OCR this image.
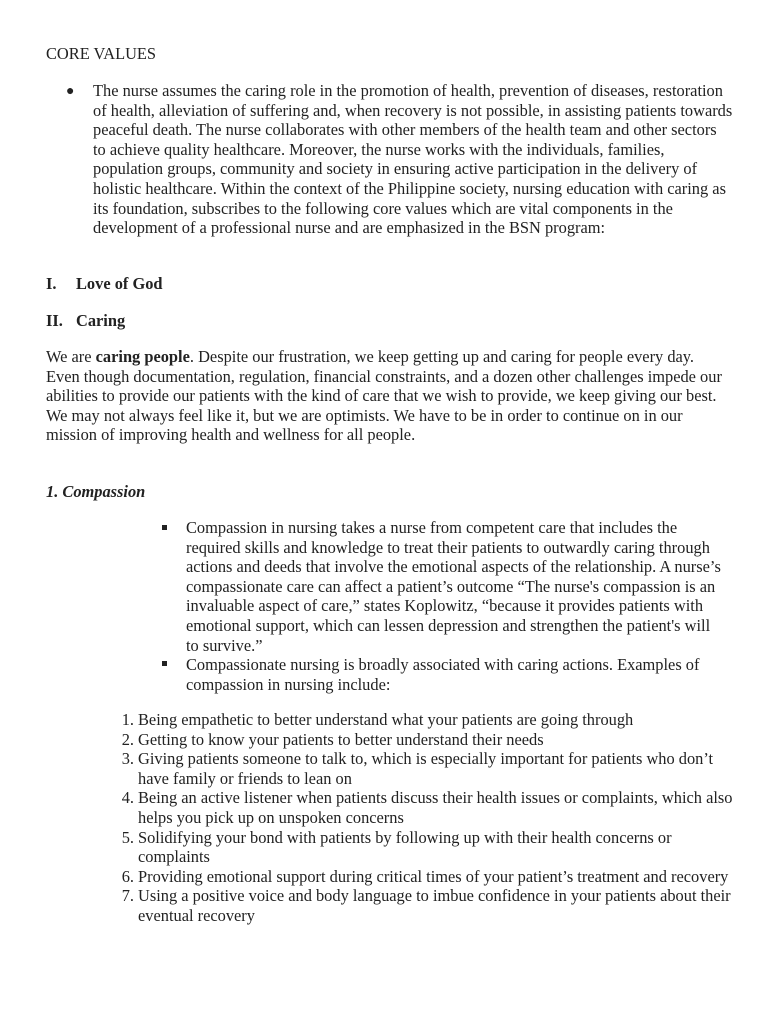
CORE VALUES
● The nurse assumes the caring role in the promotion of health, prevention of diseases, restoration of health, alleviation of suffering and, when recovery is not possible, in assisting patients towards peaceful death. The nurse collaborates with other members of the health team and other sectors to achieve quality healthcare. Moreover, the nurse works with the individuals, families, population groups, community and society in ensuring active participation in the delivery of holistic healthcare. Within the context of the Philippine society, nursing education with caring as its foundation, subscribes to the following core values which are vital components in the development of a professional nurse and are emphasized in the BSN program:
I. Love of God
II. Caring
We are caring people. Despite our frustration, we keep getting up and caring for people every day. Even though documentation, regulation, financial constraints, and a dozen other challenges impede our abilities to provide our patients with the kind of care that we wish to provide, we keep giving our best. We may not always feel like it, but we are optimists. We have to be in order to continue on in our mission of improving health and wellness for all people.
1. Compassion
Compassion in nursing takes a nurse from competent care that includes the required skills and knowledge to treat their patients to outwardly caring through actions and deeds that involve the emotional aspects of the relationship. A nurse’s compassionate care can affect a patient’s outcome “The nurse's compassion is an invaluable aspect of care,” states Koplowitz, “because it provides patients with emotional support, which can lessen depression and strengthen the patient's will to survive.”
Compassionate nursing is broadly associated with caring actions. Examples of compassion in nursing include:
1. Being empathetic to better understand what your patients are going through
2. Getting to know your patients to better understand their needs
3. Giving patients someone to talk to, which is especially important for patients who don’t have family or friends to lean on
4. Being an active listener when patients discuss their health issues or complaints, which also helps you pick up on unspoken concerns
5. Solidifying your bond with patients by following up with their health concerns or complaints
6. Providing emotional support during critical times of your patient’s treatment and recovery
7. Using a positive voice and body language to imbue confidence in your patients about their eventual recovery
